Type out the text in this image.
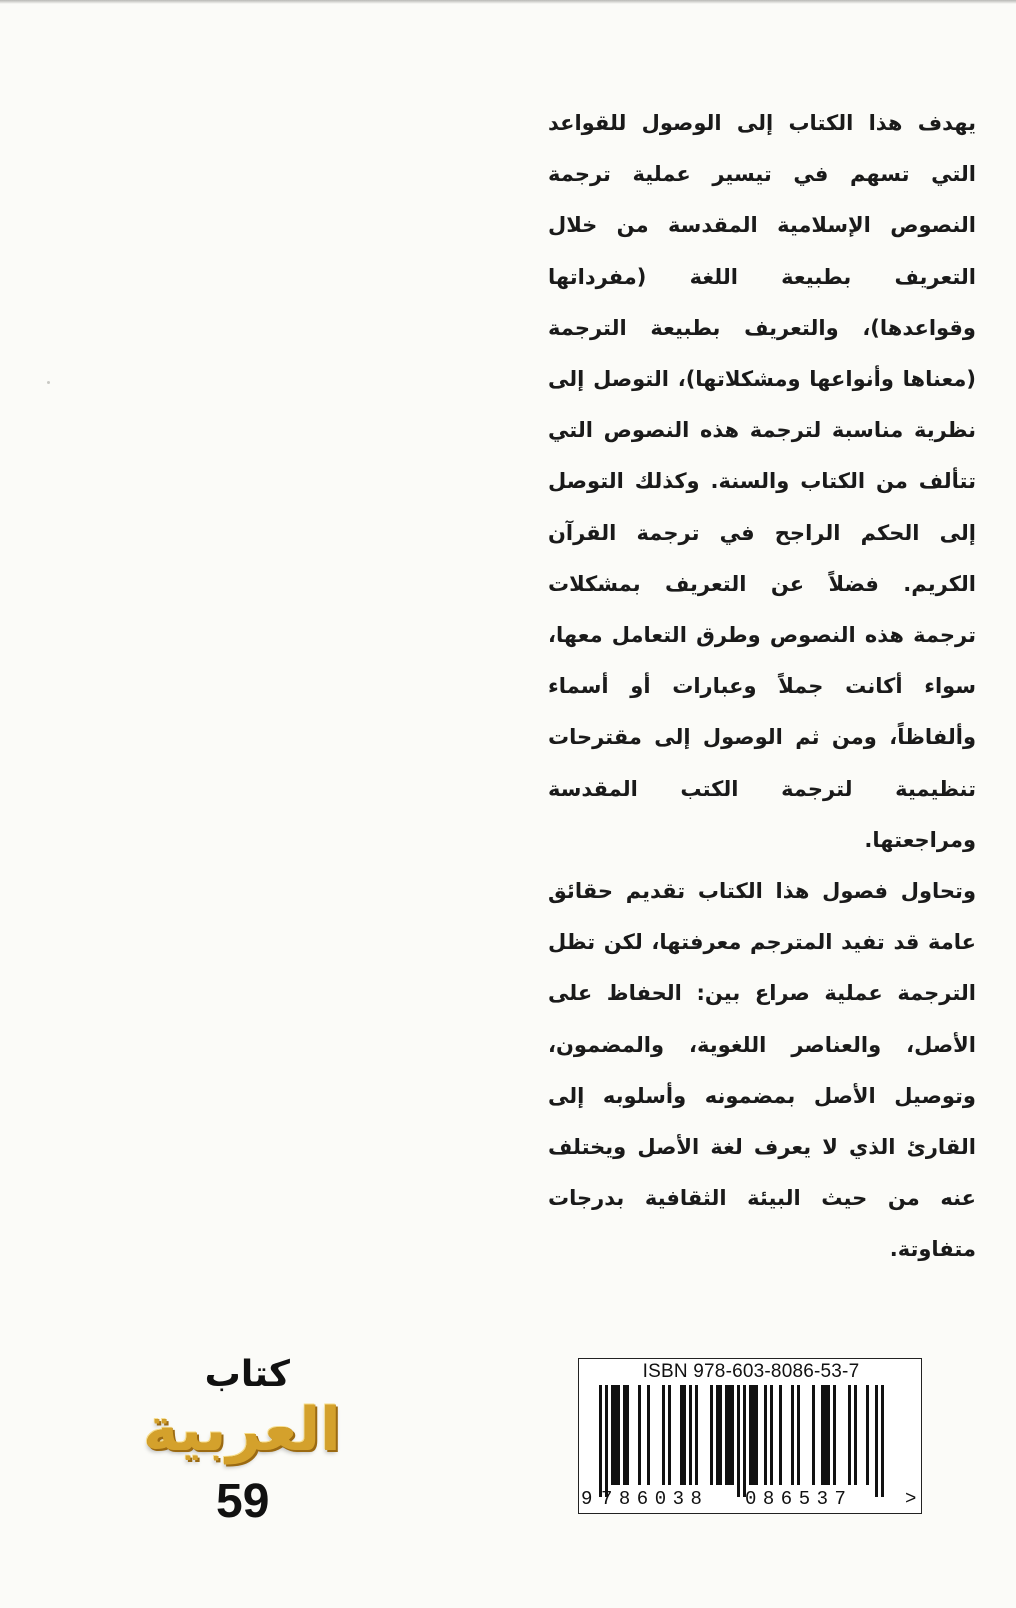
يهدف هذا الكتاب إلى الوصول للقواعد التي تسهم في تيسير عملية ترجمة النصوص الإسلامية المقدسة من خلال التعريف بطبيعة اللغة (مفرداتها وقواعدها)، والتعريف بطبيعة الترجمة (معناها وأنواعها ومشكلاتها)، التوصل إلى نظرية مناسبة لترجمة هذه النصوص التي تتألف من الكتاب والسنة. وكذلك التوصل إلى الحكم الراجح في ترجمة القرآن الكريم. فضلاً عن التعريف بمشكلات ترجمة هذه النصوص وطرق التعامل معها، سواء أكانت جملاً وعبارات أو أسماء وألفاظاً، ومن ثم الوصول إلى مقترحات تنظيمية لترجمة الكتب المقدسة ومراجعتها.

وتحاول فصول هذا الكتاب تقديم حقائق عامة قد تفيد المترجم معرفتها، لكن تظل الترجمة عملية صراع بين: الحفاظ على الأصل، والعناصر اللغوية، والمضمون، وتوصيل الأصل بمضمونه وأسلوبه إلى القارئ الذي لا يعرف لغة الأصل ويختلف عنه من حيث البيئة الثقافية بدرجات متفاوتة.

كتاب
العربية
59
ISBN 978-603-8086-53-7
9 786038 086537	>
